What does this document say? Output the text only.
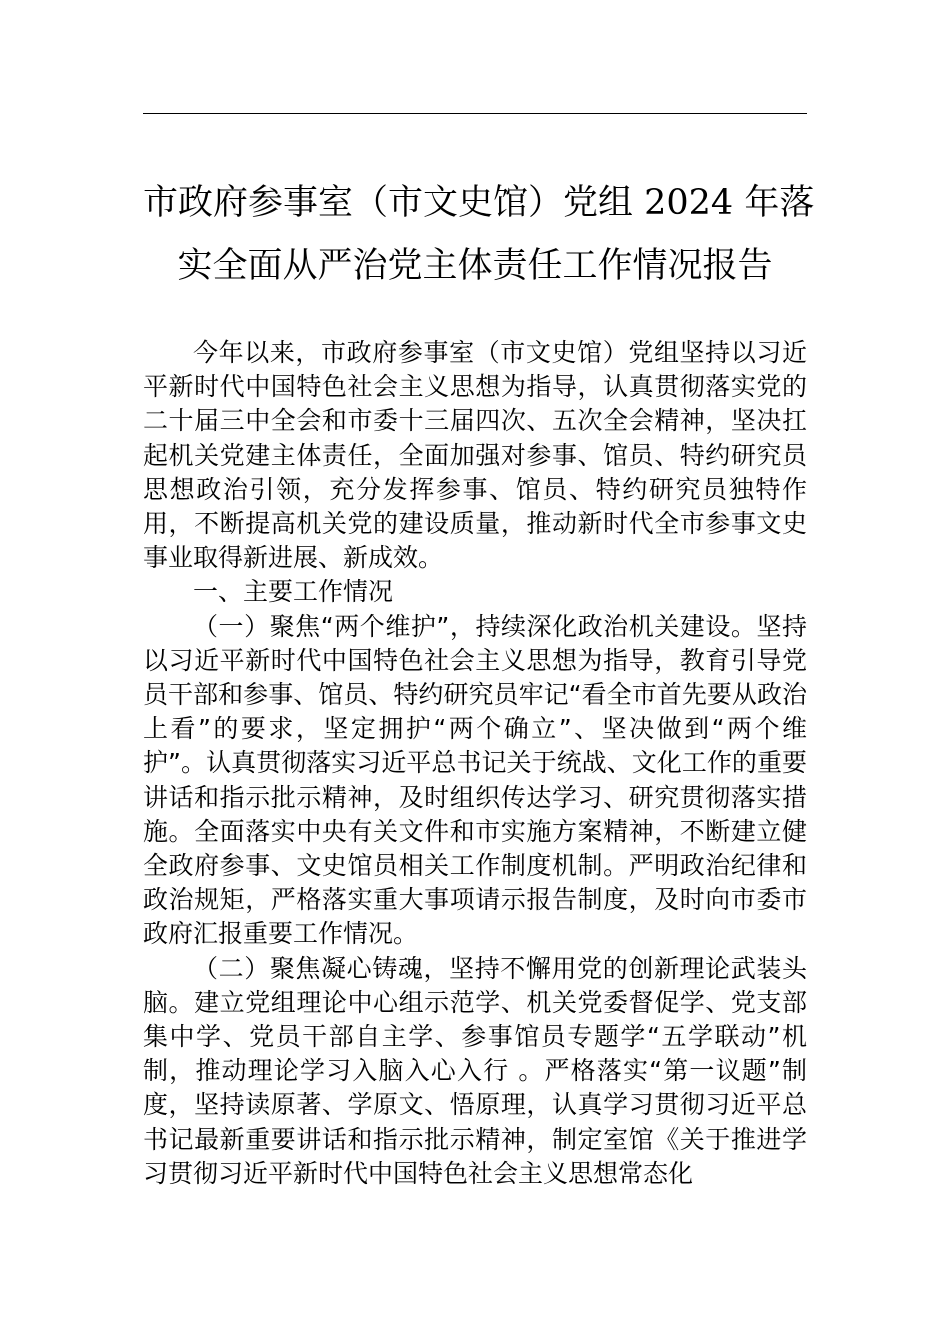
市政府参事室（市文史馆）党组 2024 年落
实全面从严治党主体责任工作情况报告

今年以来，市政府参事室（市文史馆）党组坚持以习近平新时代中国特色社会主义思想为指导，认真贯彻落实党的二十届三中全会和市委十三届四次、五次全会精神，坚决扛起机关党建主体责任，全面加强对参事、馆员、特约研究员思想政治引领，充分发挥参事、馆员、特约研究员独特作用，不断提高机关党的建设质量，推动新时代全市参事文史事业取得新进展、新成效。

一、主要工作情况

（一）聚焦“两个维护”，持续深化政治机关建设。坚持以习近平新时代中国特色社会主义思想为指导，教育引导党员干部和参事、馆员、特约研究员牢记“看全市首先要从政治上看”的要求，坚定拥护“两个确立”、坚决做到“两个维护”。认真贯彻落实习近平总书记关于统战、文化工作的重要讲话和指示批示精神，及时组织传达学习、研究贯彻落实措施。全面落实中央有关文件和市实施方案精神，不断建立健全政府参事、文史馆员相关工作制度机制。严明政治纪律和政治规矩，严格落实重大事项请示报告制度，及时向市委市政府汇报重要工作情况。

（二）聚焦凝心铸魂，坚持不懈用党的创新理论武装头脑。建立党组理论中心组示范学、机关党委督促学、党支部集中学、党员干部自主学、参事馆员专题学“五学联动”机制，推动理论学习入脑入心入行 。严格落实“第一议题”制度，坚持读原著、学原文、悟原理，认真学习贯彻习近平总书记最新重要讲话和指示批示精神，制定室馆《关于推进学习贯彻习近平新时代中国特色社会主义思想常态化
